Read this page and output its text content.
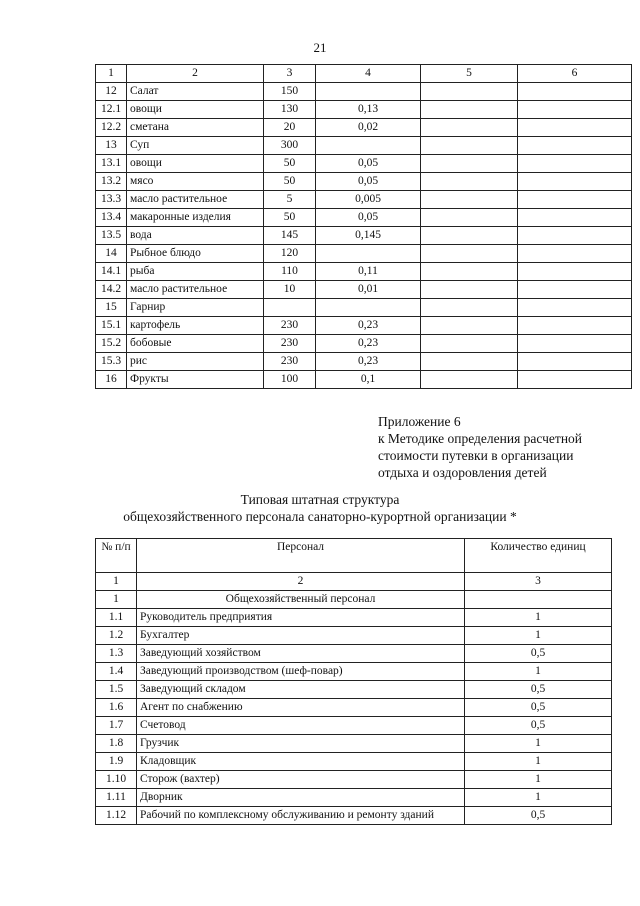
21
1	2	3	4	5	6
12	Салат	150			
12.1	овощи	130	0,13		
12.2	сметана	20	0,02		
13	Суп	300			
13.1	овощи	50	0,05		
13.2	мясо	50	0,05		
13.3	масло растительное	5	0,005		
13.4	макаронные изделия	50	0,05		
13.5	вода	145	0,145		
14	Рыбное блюдо	120			
14.1	рыба	110	0,11		
14.2	масло растительное	10	0,01		
15	Гарнир				
15.1	картофель	230	0,23		
15.2	бобовые	230	0,23		
15.3	рис	230	0,23		
16	Фрукты	100	0,1		
Приложение 6
к Методике определения расчетной
стоимости путевки в организации
отдыха и оздоровления детей
Типовая штатная структура
общехозяйственного персонала санаторно-курортной организации *
№ п/п	Персонал	Количество единиц
1	2	3
1	Общехозяйственный персонал	
1.1	Руководитель предприятия	1
1.2	Бухгалтер	1
1.3	Заведующий хозяйством	0,5
1.4	Заведующий производством (шеф-повар)	1
1.5	Заведующий складом	0,5
1.6	Агент по снабжению	0,5
1.7	Счетовод	0,5
1.8	Грузчик	1
1.9	Кладовщик	1
1.10	Сторож (вахтер)	1
1.11	Дворник	1
1.12	Рабочий по комплексному обслуживанию и ремонту зданий	0,5
